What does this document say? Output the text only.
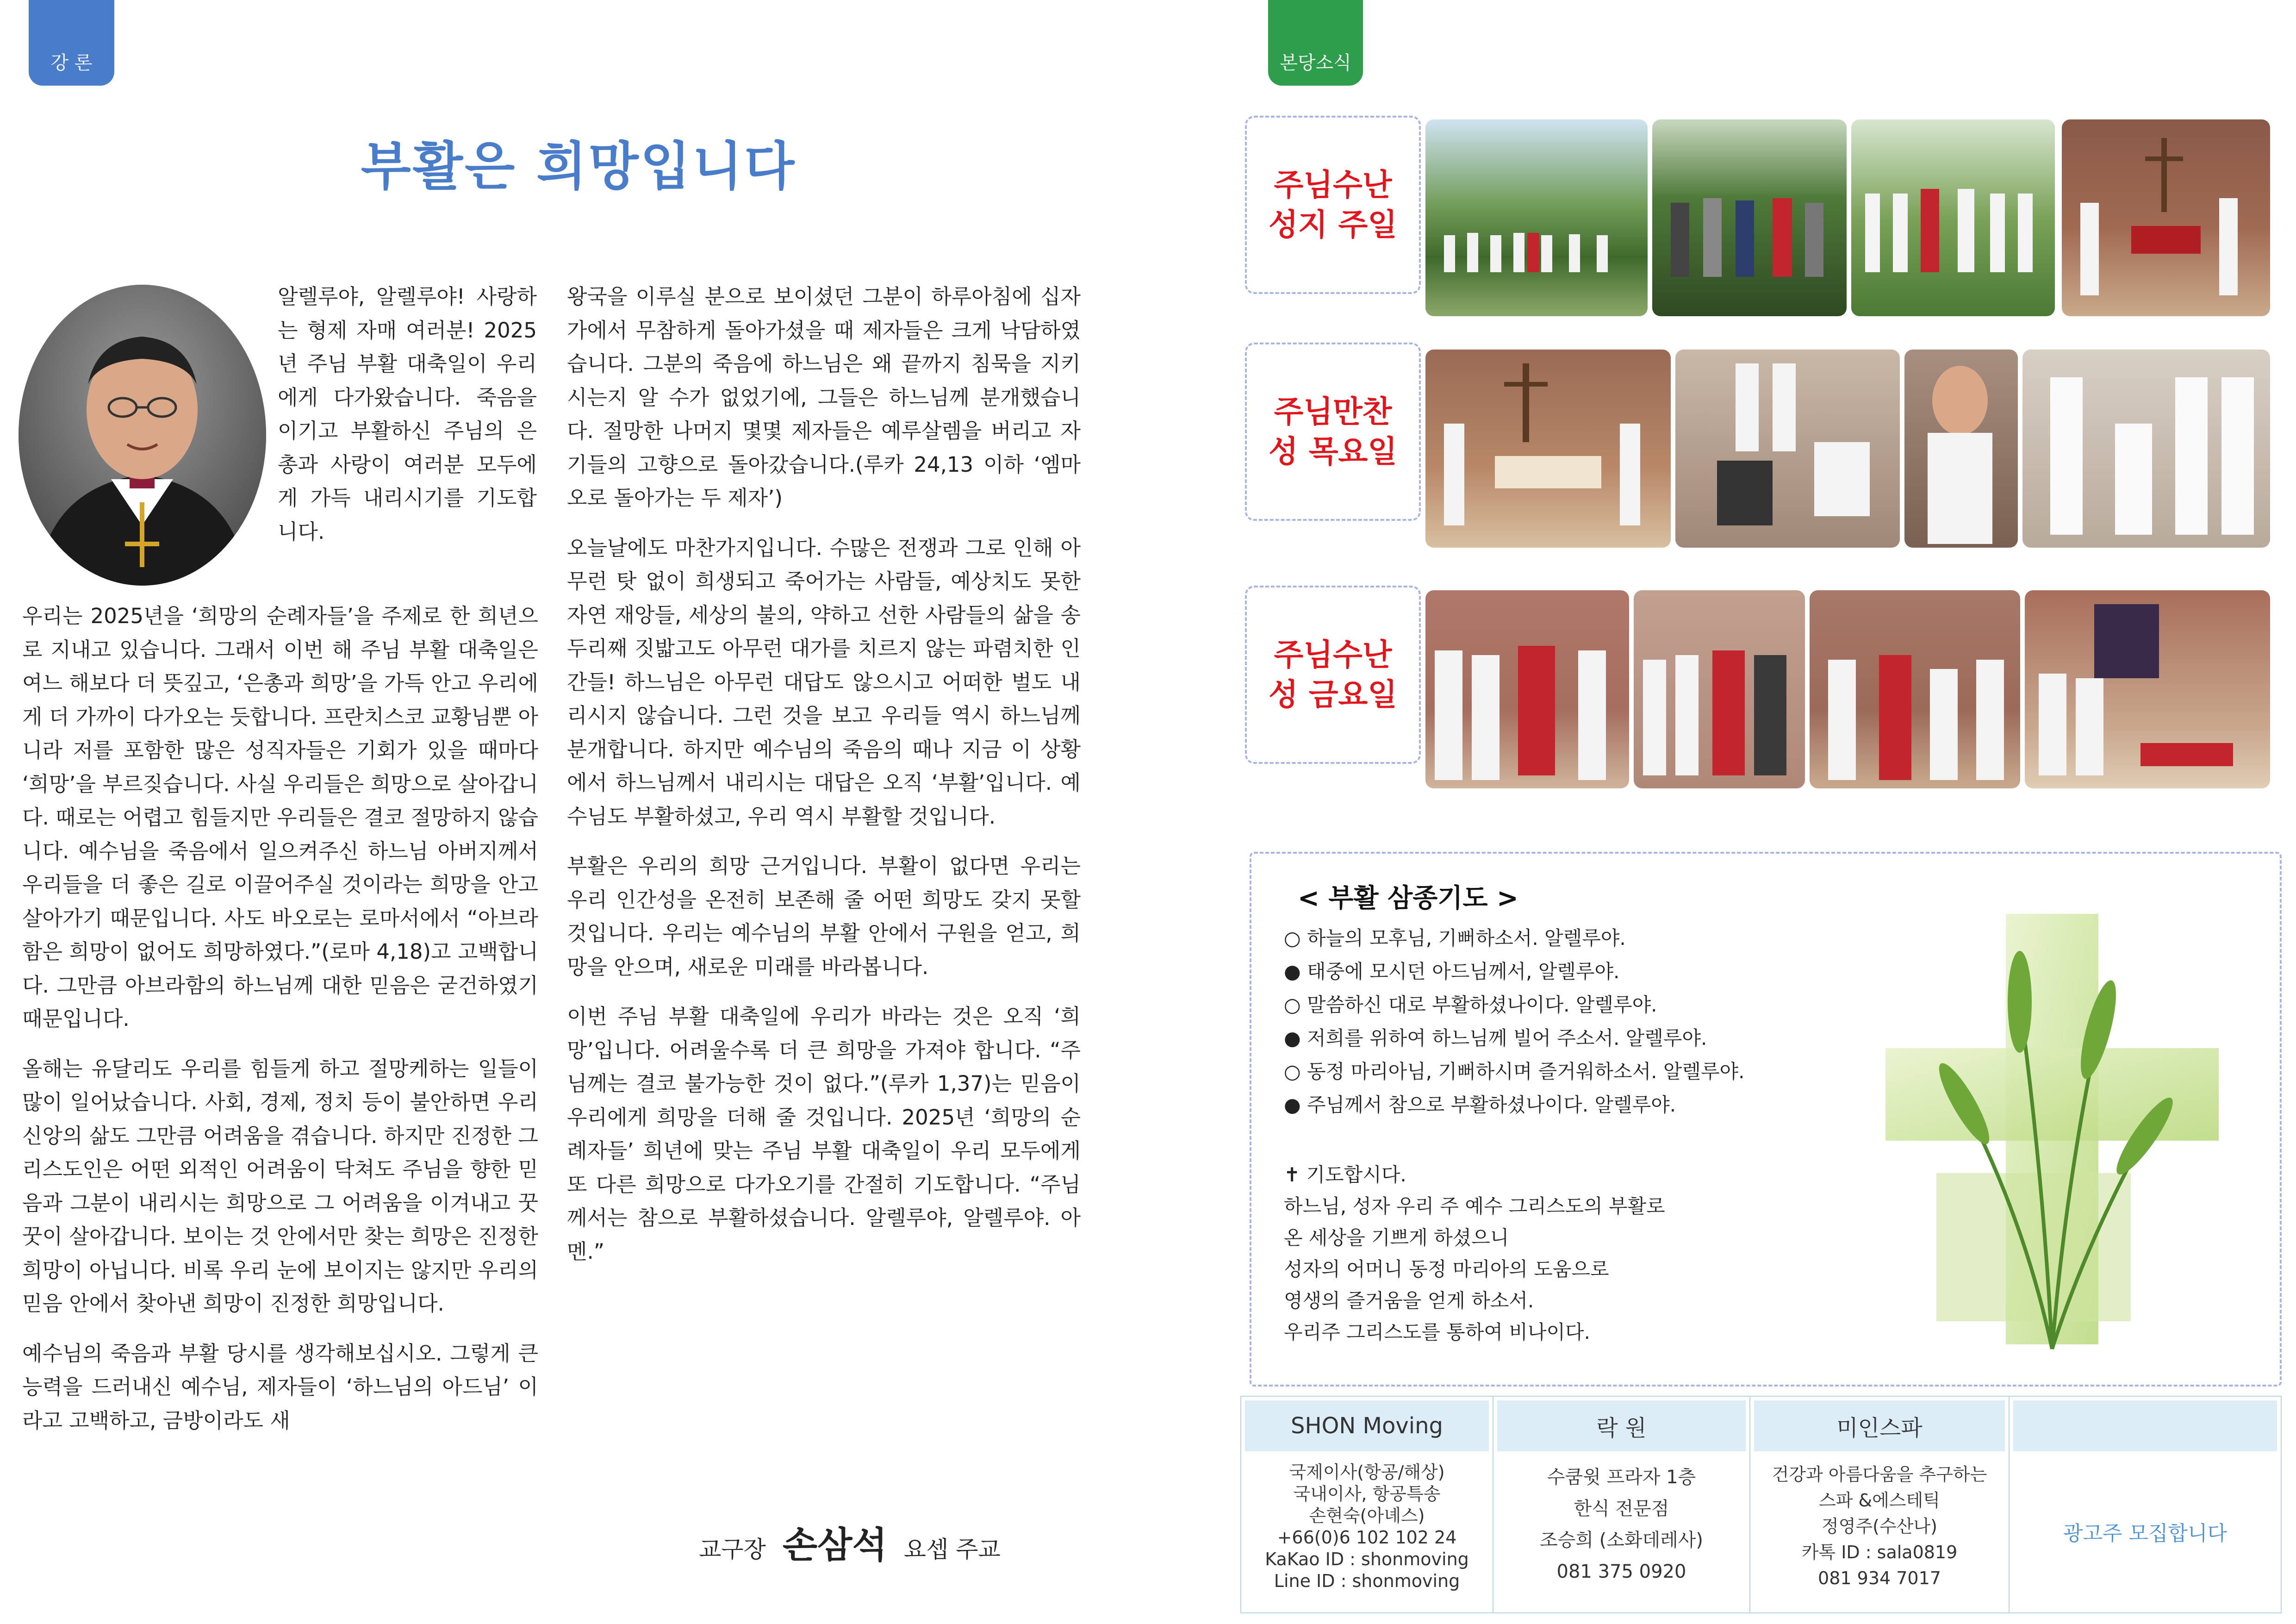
강 론
부활은 희망입니다
알렐루야, 알렐루야! 사랑하는 형제 자매 여러분! 2025년 주님 부활 대축일이 우리에게 다가왔습니다. 죽음을 이기고 부활하신 주님의 은총과 사랑이 여러분 모두에게 가득 내리시기를 기도합니다.

우리는 2025년을 ‘희망의 순례자들’을 주제로 한 희년으로 지내고 있습니다. 그래서 이번 해 주님 부활 대축일은 여느 해보다 더 뜻깊고, ‘은총과 희망’을 가득 안고 우리에게 더 가까이 다가오는 듯합니다. 프란치스코 교황님뿐 아니라 저를 포함한 많은 성직자들은 기회가 있을 때마다 ‘희망’을 부르짖습니다. 사실 우리들은 희망으로 살아갑니다. 때로는 어렵고 힘들지만 우리들은 결코 절망하지 않습니다. 예수님을 죽음에서 일으켜주신 하느님 아버지께서 우리들을 더 좋은 길로 이끌어주실 것이라는 희망을 안고 살아가기 때문입니다. 사도 바오로는 로마서에서 “아브라함은 희망이 없어도 희망하였다.”(로마 4,18)고 고백합니다. 그만큼 아브라함의 하느님께 대한 믿음은 굳건하였기 때문입니다.

올해는 유달리도 우리를 힘들게 하고 절망케하는 일들이 많이 일어났습니다. 사회, 경제, 정치 등이 불안하면 우리 신앙의 삶도 그만큼 어려움을 겪습니다. 하지만 진정한 그리스도인은 어떤 외적인 어려움이 닥쳐도 주님을 향한 믿음과 그분이 내리시는 희망으로 그 어려움을 이겨내고 꿋꿋이 살아갑니다. 보이는 것 안에서만 찾는 희망은 진정한 희망이 아닙니다. 비록 우리 눈에 보이지는 않지만 우리의 믿음 안에서 찾아낸 희망이 진정한 희망입니다.

예수님의 죽음과 부활 당시를 생각해보십시오. 그렇게 큰 능력을 드러내신 예수님, 제자들이 ‘하느님의 아드님’ 이라고 고백하고, 금방이라도 새

왕국을 이루실 분으로 보이셨던 그분이 하루아침에 십자가에서 무참하게 돌아가셨을 때 제자들은 크게 낙담하였습니다. 그분의 죽음에 하느님은 왜 끝까지 침묵을 지키시는지 알 수가 없었기에, 그들은 하느님께 분개했습니다. 절망한 나머지 몇몇 제자들은 예루살렘을 버리고 자기들의 고향으로 돌아갔습니다.(루카 24,13 이하 ‘엠마오로 돌아가는 두 제자’)

오늘날에도 마찬가지입니다. 수많은 전쟁과 그로 인해 아무런 탓 없이 희생되고 죽어가는 사람들, 예상치도 못한 자연 재앙들, 세상의 불의, 약하고 선한 사람들의 삶을 송두리째 짓밟고도 아무런 대가를 치르지 않는 파렴치한 인간들! 하느님은 아무런 대답도 않으시고 어떠한 벌도 내리시지 않습니다. 그런 것을 보고 우리들 역시 하느님께 분개합니다. 하지만 예수님의 죽음의 때나 지금 이 상황에서 하느님께서 내리시는 대답은 오직 ‘부활’입니다. 예수님도 부활하셨고, 우리 역시 부활할 것입니다.

부활은 우리의 희망 근거입니다. 부활이 없다면 우리는 우리 인간성을 온전히 보존해 줄 어떤 희망도 갖지 못할 것입니다. 우리는 예수님의 부활 안에서 구원을 얻고, 희망을 안으며, 새로운 미래를 바라봅니다.

이번 주님 부활 대축일에 우리가 바라는 것은 오직 ‘희망’입니다. 어려울수록 더 큰 희망을 가져야 합니다. “주님께는 결코 불가능한 것이 없다.”(루카 1,37)는 믿음이 우리에게 희망을 더해 줄 것입니다. 2025년 ‘희망의 순례자들’ 희년에 맞는 주님 부활 대축일이 우리 모두에게 또 다른 희망으로 다가오기를 간절히 기도합니다. “주님께서는 참으로 부활하셨습니다. 알렐루야, 알렐루야. 아멘.”

교구장 손삼석 요셉 주교
본당소식
주님수난
성지 주일
주님만찬
성 목요일
주님수난
성 금요일
< 부활 삼종기도 >
○ 하늘의 모후님, 기뻐하소서. 알렐루야.
● 태중에 모시던 아드님께서, 알렐루야.
○ 말씀하신 대로 부활하셨나이다. 알렐루야.
● 저희를 위하여 하느님께 빌어 주소서. 알렐루야.
○ 동정 마리아님, 기뻐하시며 즐거워하소서. 알렐루야.
● 주님께서 참으로 부활하셨나이다. 알렐루야.
✝ 기도합시다.
하느님, 성자 우리 주 예수 그리스도의 부활로
온 세상을 기쁘게 하셨으니
성자의 어머니 동정 마리아의 도움으로
영생의 즐거움을 얻게 하소서.
우리주 그리스도를 통하여 비나이다.
SHON Moving
국제이사(항공/해상)
국내이사, 항공특송
손현숙(아녜스)
+66(0)6 102 102 24
KaKao ID : shonmoving
Line ID : shonmoving
락 원
수쿰윗 프라자 1층
한식 전문점
조승희 (소화데레사)
081 375 0920
미인스파
건강과 아름다움을 추구하는
스파 &에스테틱
정영주(수산나)
카톡 ID : sala0819
081 934 7017
광고주 모집합니다
